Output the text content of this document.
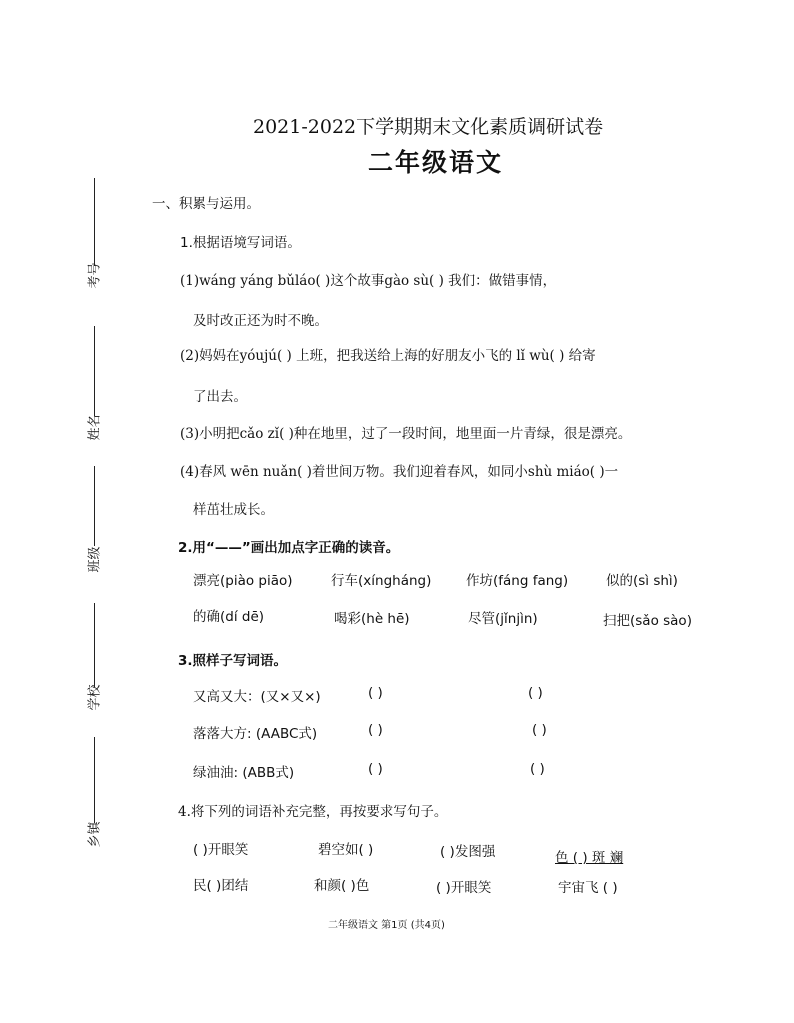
考号
姓名
班级
学校
乡镇
2021-2022下学期期末文化素质调研试卷
二年级语文
一、积累与运用。
1.根据语境写词语。
(1)wáng yáng bǔláo( )这个故事gào sù( ) 我们：做错事情，
及时改正还为时不晚。
(2)妈妈在yóujú( ) 上班，把我送给上海的好朋友小飞的 lǐ wù( ) 给寄
了出去。
(3)小明把cǎo zǐ( )种在地里，过了一段时间，地里面一片青绿，很是漂亮。
(4)春风 wēn nuǎn( )着世间万物。我们迎着春风，如同小shù miáo( )一
样茁壮成长。
2.用“——”画出加点字正确的读音。
漂亮(piào piāo)	行车(xíngháng)	作坊(fáng fang)	似的(sì shì)
的确(dí dē)	喝彩(hè hē)	尽管(jǐnjìn)	扫把(sǎo sào)
3.照样子写词语。
又高又大：(又×又×)	( )	( )
落落大方: (AABC式)	( )	( )
绿油油: (ABB式)	( )	( )
4.将下列的词语补充完整，再按要求写句子。
( )开眼笑	碧空如( )	( )发图强	色 ( ) 斑 斓
民( )团结	和颜( )色	( )开眼笑	宇宙飞 ( )
二年级语文 第1页 (共4页)
